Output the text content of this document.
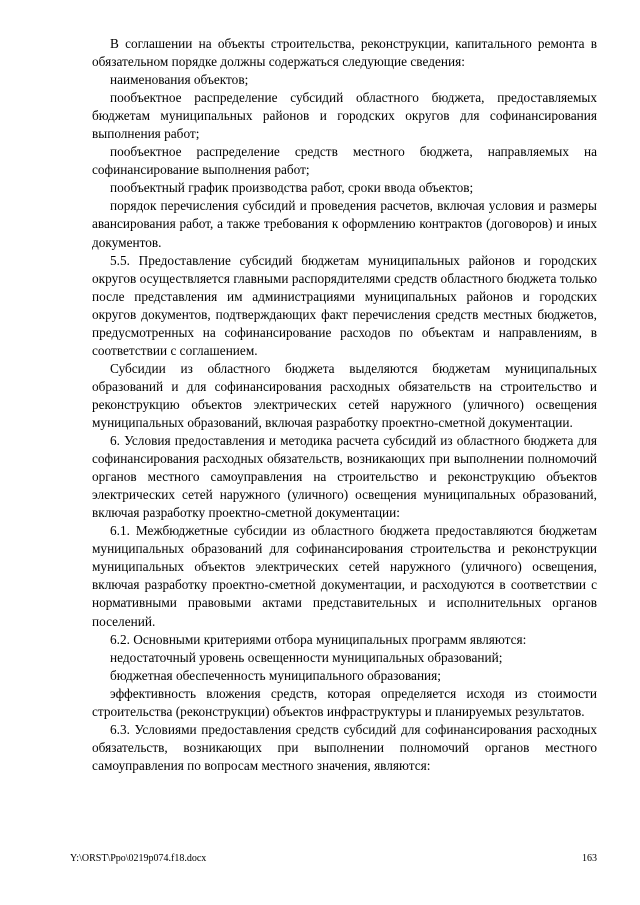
В соглашении на объекты строительства, реконструкции, капитального ремонта в обязательном порядке должны содержаться следующие сведения:

наименования объектов;

пообъектное распределение субсидий областного бюджета, предоставляемых бюджетам муниципальных районов и городских округов для софинансирования выполнения работ;

пообъектное распределение средств местного бюджета, направляемых на софинансирование выполнения работ;

пообъектный график производства работ, сроки ввода объектов;

порядок перечисления субсидий и проведения расчетов, включая условия и размеры авансирования работ, а также требования к оформлению контрактов (договоров) и иных документов.

5.5. Предоставление субсидий бюджетам муниципальных районов и городских округов осуществляется главными распорядителями средств областного бюджета только после представления им администрациями муниципальных районов и городских округов документов, подтверждающих факт перечисления средств местных бюджетов, предусмотренных на софинансирование расходов по объектам и направлениям, в соответствии с соглашением.

Субсидии из областного бюджета выделяются бюджетам муниципальных образований и для софинансирования расходных обязательств на строительство и реконструкцию объектов электрических сетей наружного (уличного) освещения муниципальных образований, включая разработку проектно-сметной документации.

6. Условия предоставления и методика расчета субсидий из областного бюджета для софинансирования расходных обязательств, возникающих при выполнении полномочий органов местного самоуправления на строительство и реконструкцию объектов электрических сетей наружного (уличного) освещения муниципальных образований, включая разработку проектно-сметной документации:

6.1. Межбюджетные субсидии из областного бюджета предоставляются бюджетам муниципальных образований для софинансирования строительства и реконструкции муниципальных объектов электрических сетей наружного (уличного) освещения, включая разработку проектно-сметной документации, и расходуются в соответствии с нормативными правовыми актами представительных и исполнительных органов поселений.

6.2. Основными критериями отбора муниципальных программ являются:

недостаточный уровень освещенности муниципальных образований;

бюджетная обеспеченность муниципального образования;

эффективность вложения средств, которая определяется исходя из стоимости строительства (реконструкции) объектов инфраструктуры и планируемых результатов.

6.3. Условиями предоставления средств субсидий для софинансирования расходных обязательств, возникающих при выполнении полномочий органов местного самоуправления по вопросам местного значения, являются:

Y:\ORST\Ppo\0219p074.f18.docx	163
